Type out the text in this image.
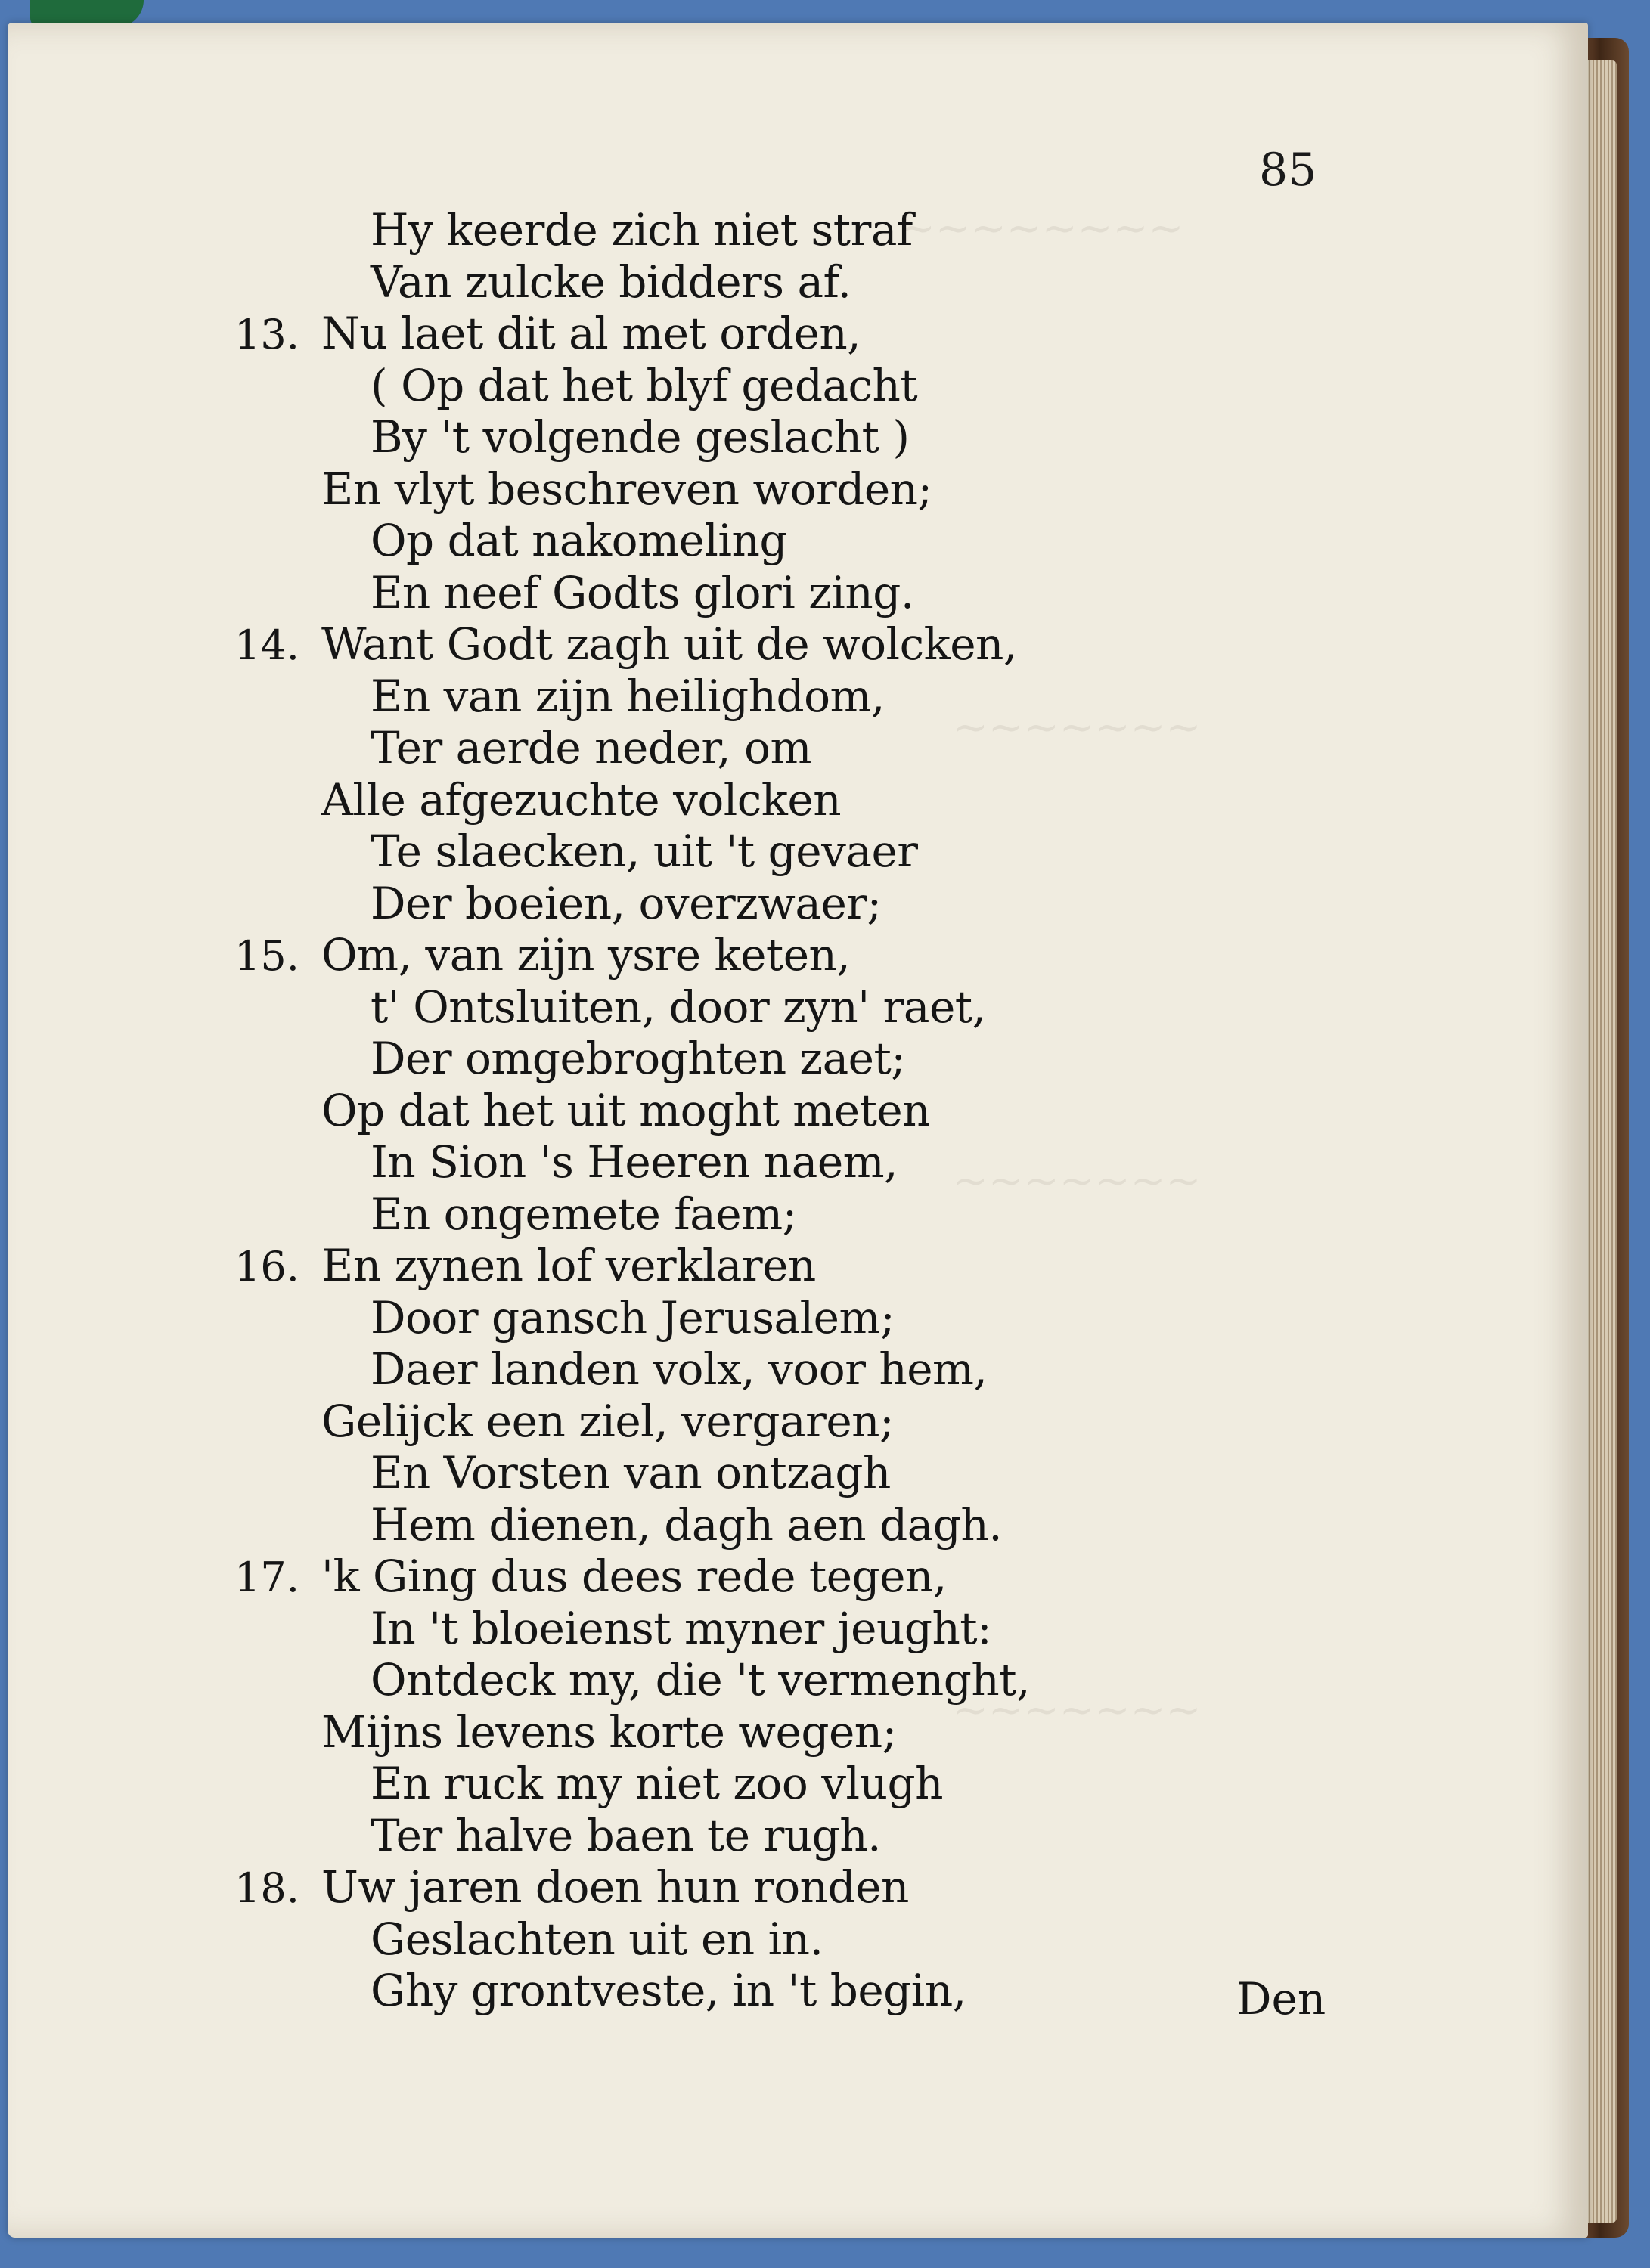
~~~~~~~~
~~~~~~~
~~~~~~~
~~~~~~~
85
Hy keerde zich niet straf
Van zulcke bidders af.
13. Nu laet dit al met orden,
( Op dat het blyf gedacht
By 't volgende geslacht )
En vlyt beschreven worden;
Op dat nakomeling
En neef Godts glori zing.
14. Want Godt zagh uit de wolcken,
En van zijn heilighdom,
Ter aerde neder, om
Alle afgezuchte volcken
Te slaecken, uit 't gevaer
Der boeien, overzwaer;
15. Om, van zijn ysre keten,
t' Ontsluiten, door zyn' raet,
Der omgebroghten zaet;
Op dat het uit moght meten
In Sion 's Heeren naem,
En ongemete faem;
16. En zynen lof verklaren
Door gansch Jerusalem;
Daer landen volx, voor hem,
Gelijck een ziel, vergaren;
En Vorsten van ontzagh
Hem dienen, dagh aen dagh.
17. 'k Ging dus dees rede tegen,
In 't bloeienst myner jeught:
Ontdeck my, die 't vermenght,
Mijns levens korte wegen;
En ruck my niet zoo vlugh
Ter halve baen te rugh.
18. Uw jaren doen hun ronden
Geslachten uit en in.
Ghy grontveste, in 't begin,	Den
